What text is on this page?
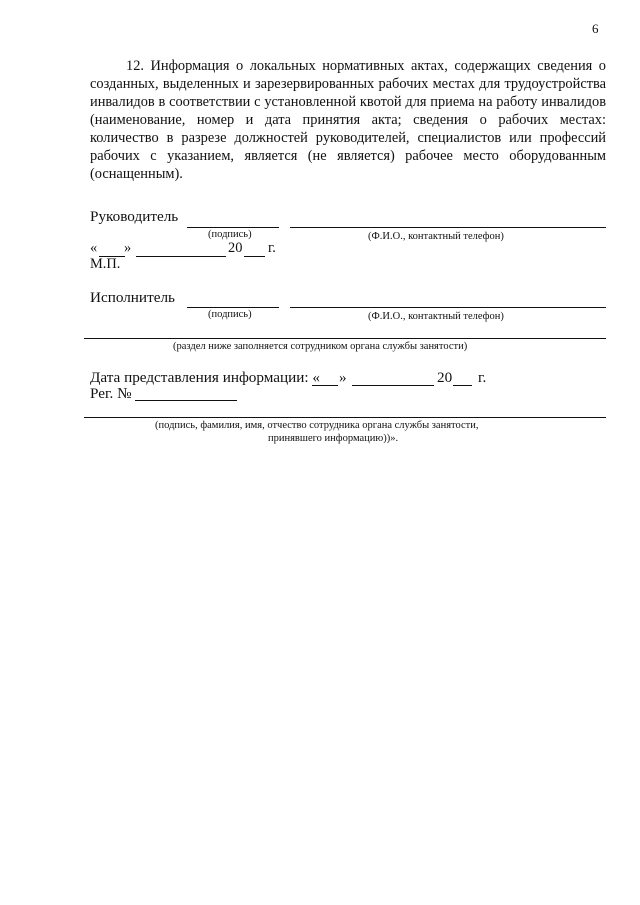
6
12. Информация о локальных нормативных актах, содержащих сведения о созданных, выделенных и зарезервированных рабочих местах для трудоустройства инвалидов в соответствии с установленной квотой для приема на работу инвалидов (наименование, номер и дата принятия акта; сведения о рабочих местах: количество в разрезе должностей руководителей, специалистов или профессий рабочих с указанием, является (не является) рабочее место оборудованным (оснащенным).
Руководитель
(подпись)	(Ф.И.О., контактный телефон)
« »	20 г.
М.П.
Исполнитель
(подпись)	(Ф.И.О., контактный телефон)
(раздел ниже заполняется сотрудником органа службы занятости)
Дата представления информации: « »	20 г.
Рег. №
(подпись, фамилия, имя, отчество сотрудника органа службы занятости,
принявшего информацию))».
